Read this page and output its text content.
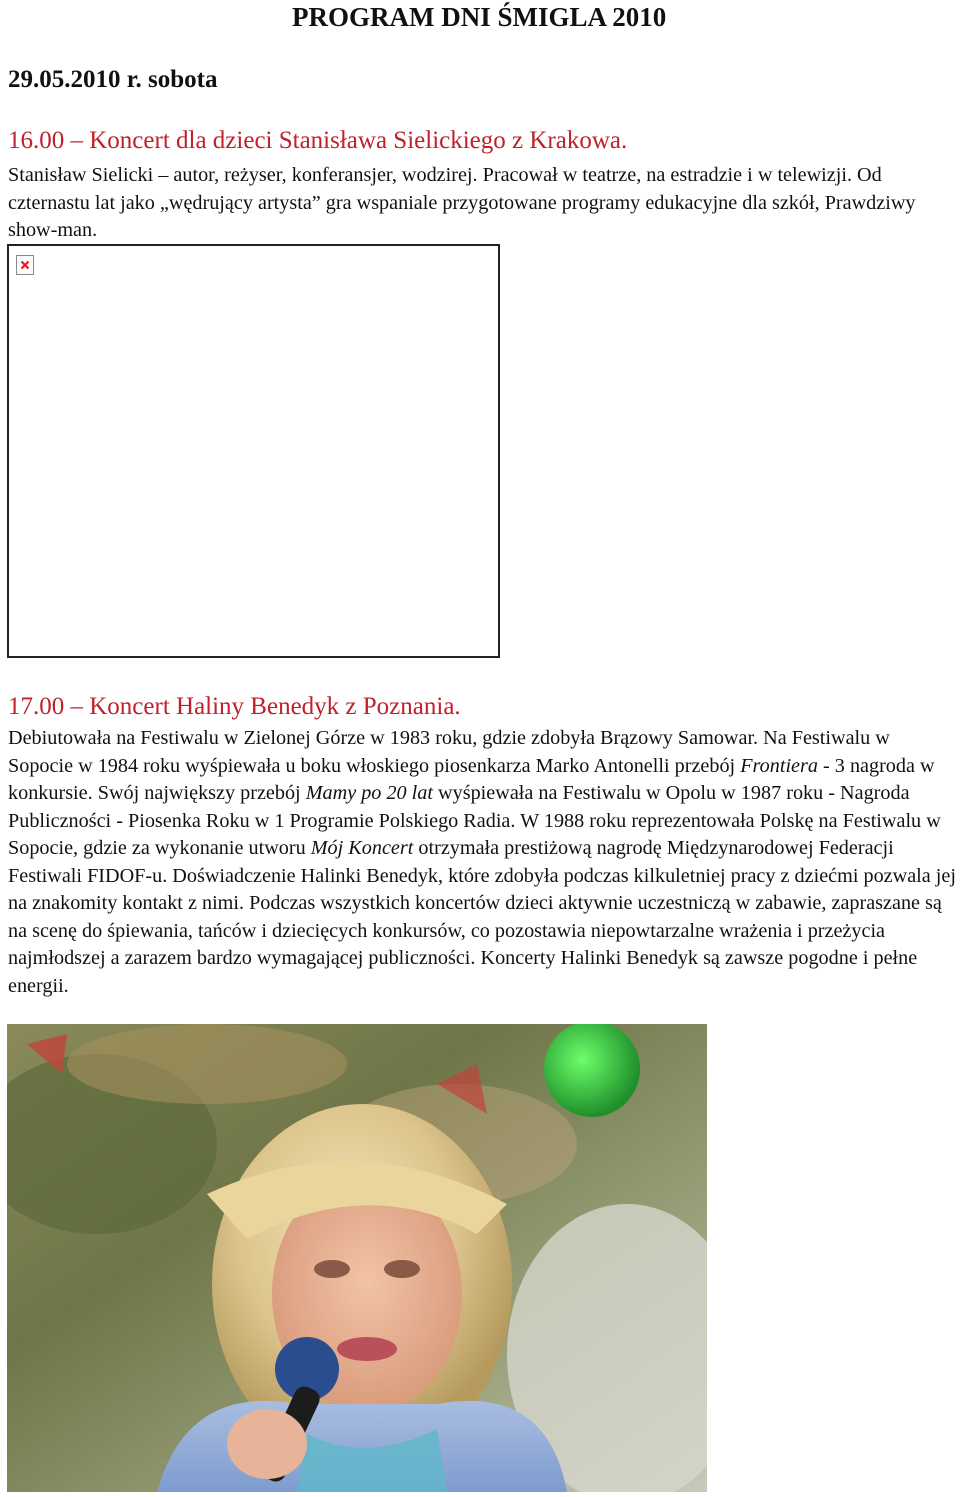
PROGRAM DNI ŚMIGLA 2010
29.05.2010 r. sobota
16.00 – Koncert dla dzieci Stanisława Sielickiego z Krakowa.
Stanisław Sielicki – autor, reżyser, konferansjer, wodzirej. Pracował w teatrze, na estradzie i w telewizji. Od czternastu lat jako „wędrujący artysta” gra wspaniale przygotowane programy edukacyjne dla szkół, Prawdziwy show-man.
17.00 – Koncert Haliny Benedyk z Poznania.
Debiutowała na Festiwalu w Zielonej Górze w 1983 roku, gdzie zdobyła Brązowy Samowar. Na Festiwalu w Sopocie w 1984 roku wyśpiewała u boku włoskiego piosenkarza Marko Antonelli przebój Frontiera - 3 nagroda w konkursie. Swój największy przebój Mamy po 20 lat wyśpiewała na Festiwalu w Opolu w 1987 roku - Nagroda Publiczności - Piosenka Roku w 1 Programie Polskiego Radia. W 1988 roku reprezentowała Polskę na Festiwalu w Sopocie, gdzie za wykonanie utworu Mój Koncert otrzymała prestiżową nagrodę Międzynarodowej Federacji Festiwali FIDOF-u. Doświadczenie Halinki Benedyk, które zdobyła podczas kilkuletniej pracy z dziećmi pozwala jej na znakomity kontakt z nimi. Podczas wszystkich koncertów dzieci aktywnie uczestniczą w zabawie, zapraszane są na scenę do śpiewania, tańców i dziecięcych konkursów, co pozostawia niepowtarzalne wrażenia i przeżycia najmłodszej a zarazem bardzo wymagającej publiczności. Koncerty Halinki Benedyk są zawsze pogodne i pełne energii.
